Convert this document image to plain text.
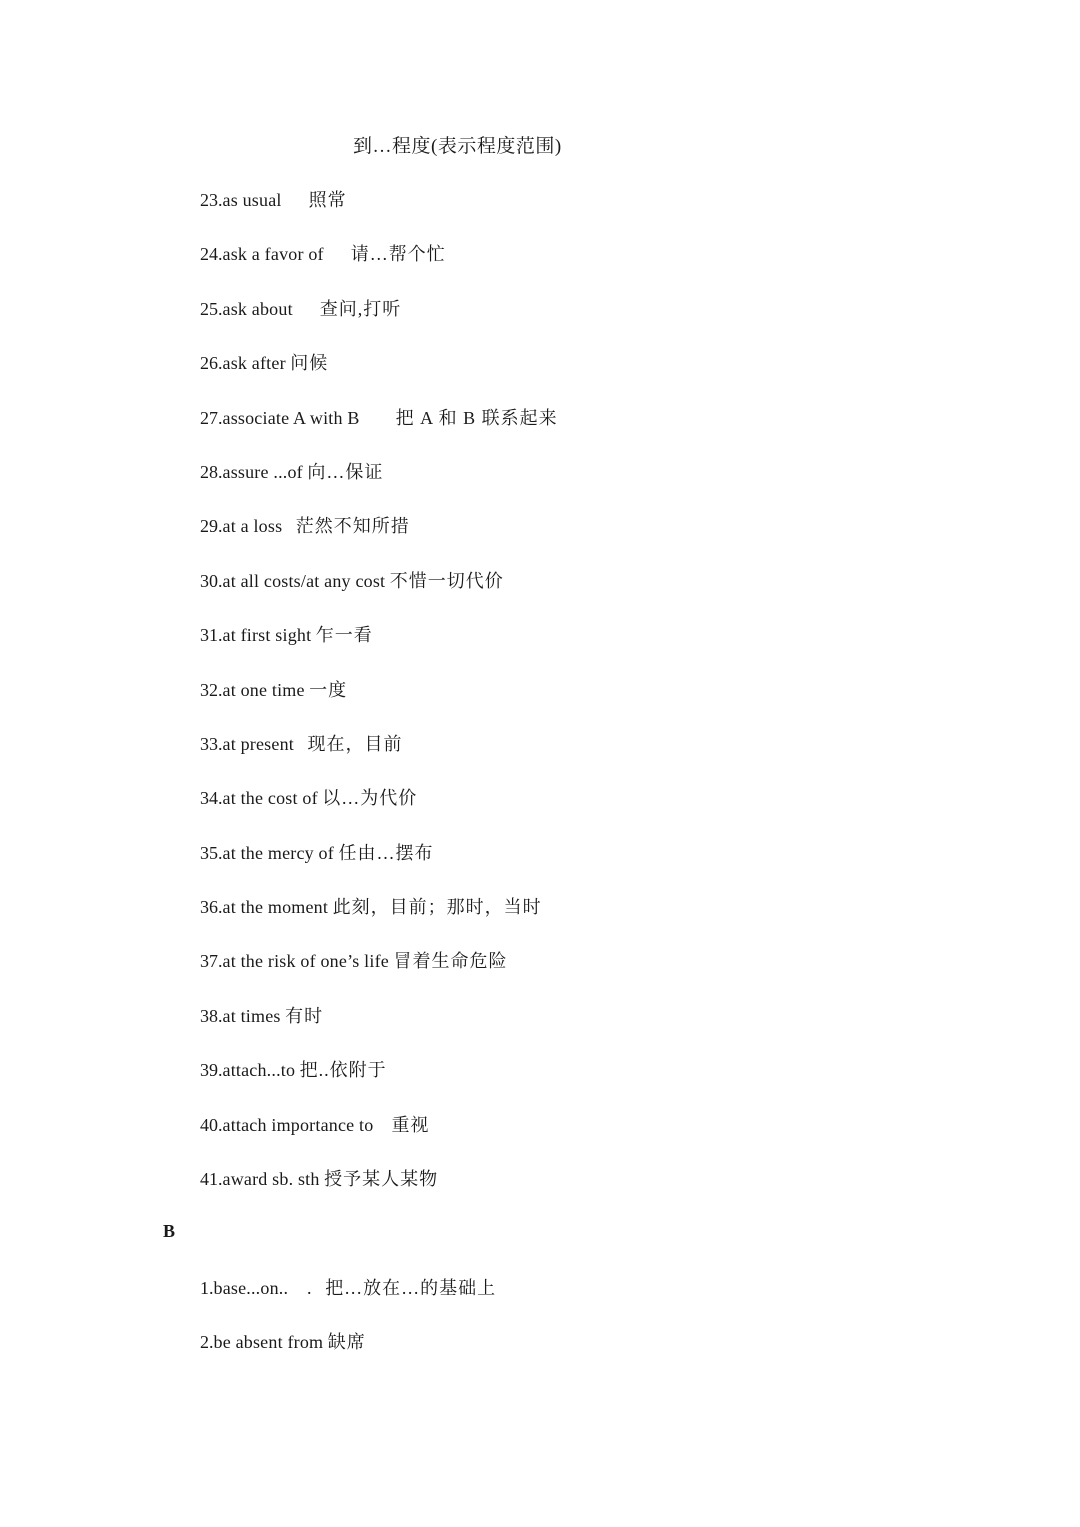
到…程度(表示程度范围)
23.as usual 照常
24.ask a favor of 请…帮个忙
25.ask about 查问,打听
26.ask after 问候
27.associate A with B 把 A 和 B 联系起来
28.assure ...of 向…保证
29.at a loss 茫然不知所措
30.at all costs/at any cost 不惜一切代价
31.at first sight 乍一看
32.at one time 一度
33.at present 现在，目前
34.at the cost of 以…为代价
35.at the mercy of 任由…摆布
36.at the moment 此刻，目前；那时，当时
37.at the risk of one’s life 冒着生命危险
38.at times 有时
39.attach...to 把..依附于
40.attach importance to 重视
41.award sb. sth 授予某人某物
B
1.base...on..    . 把…放在…的基础上
2.be absent from 缺席
